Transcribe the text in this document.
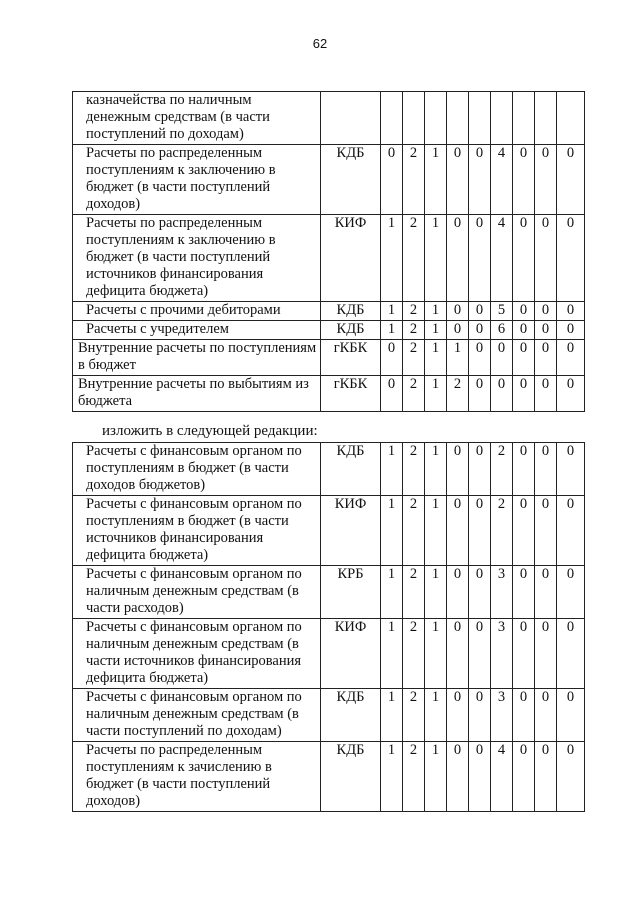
62
казначейства по наличным денежным средствам (в части поступлений по доходам)										
Расчеты по распределенным поступлениям к заключению в бюджет (в части поступлений доходов)	КДБ	0	2	1	0	0	4	0	0	0
Расчеты по распределенным поступлениям к заключению в бюджет (в части поступлений источников финансирования дефицита бюджета)	КИФ	1	2	1	0	0	4	0	0	0
Расчеты с прочими дебиторами	КДБ	1	2	1	0	0	5	0	0	0
Расчеты с учредителем	КДБ	1	2	1	0	0	6	0	0	0
Внутренние расчеты по поступлениям в бюджет	гКБК	0	2	1	1	0	0	0	0	0
Внутренние расчеты по выбытиям из бюджета	гКБК	0	2	1	2	0	0	0	0	0
изложить в следующей редакции:
Расчеты с финансовым органом по поступлениям в бюджет (в части доходов бюджетов)	КДБ	1	2	1	0	0	2	0	0	0
Расчеты с финансовым органом по поступлениям в бюджет (в части источников финансирования дефицита бюджета)	КИФ	1	2	1	0	0	2	0	0	0
Расчеты с финансовым органом по наличным денежным средствам (в части расходов)	КРБ	1	2	1	0	0	3	0	0	0
Расчеты с финансовым органом по наличным денежным средствам (в части источников финансирования дефицита бюджета)	КИФ	1	2	1	0	0	3	0	0	0
Расчеты с финансовым органом по наличным денежным средствам (в части поступлений по доходам)	КДБ	1	2	1	0	0	3	0	0	0
Расчеты по распределенным поступлениям к зачислению в бюджет (в части поступлений доходов)	КДБ	1	2	1	0	0	4	0	0	0
